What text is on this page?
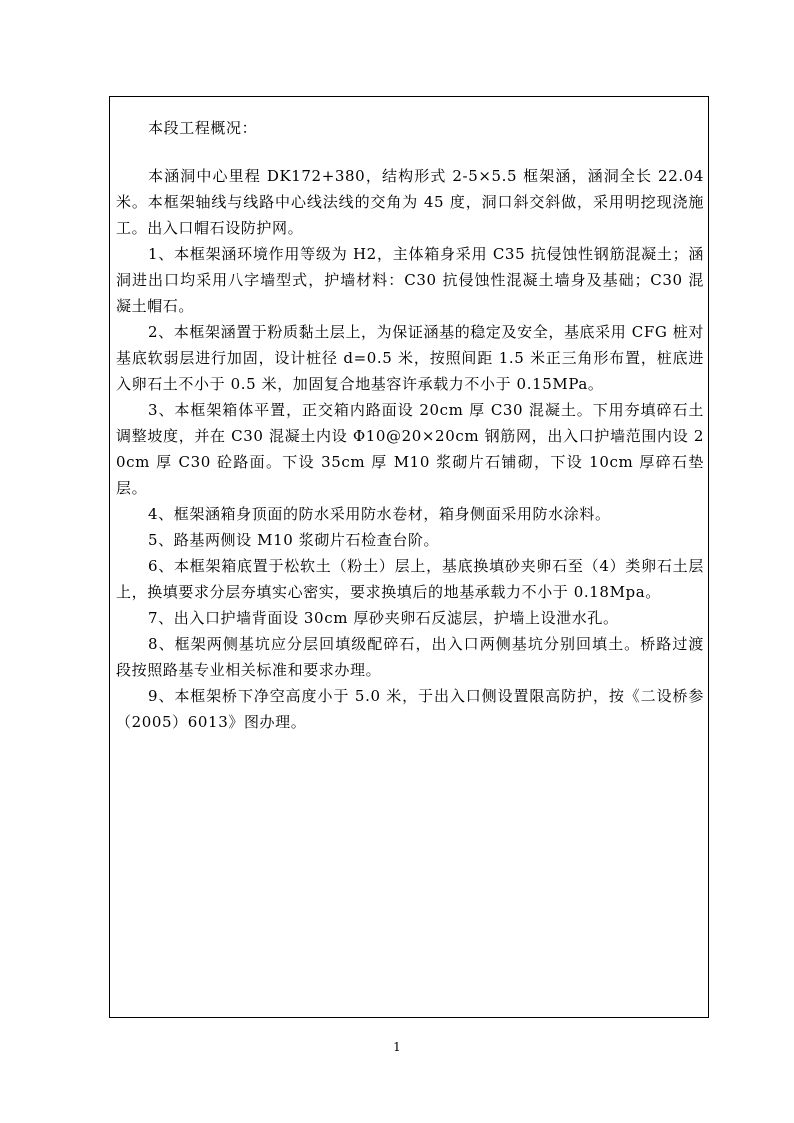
本段工程概况：

本涵洞中心里程 DK172+380，结构形式 2-5×5.5 框架涵，涵洞全长 22.04 米。本框架轴线与线路中心线法线的交角为 45 度，洞口斜交斜做，采用明挖现浇施工。出入口帽石设防护网。

1、本框架涵环境作用等级为 H2，主体箱身采用 C35 抗侵蚀性钢筋混凝土；涵洞进出口均采用八字墙型式，护墙材料：C30 抗侵蚀性混凝土墙身及基础；C30 混凝土帽石。

2、本框架涵置于粉质黏土层上，为保证涵基的稳定及安全，基底采用 CFG 桩对基底软弱层进行加固，设计桩径 d=0.5 米，按照间距 1.5 米正三角形布置，桩底进入卵石土不小于 0.5 米，加固复合地基容许承载力不小于 0.15MPa。

3、本框架箱体平置，正交箱内路面设 20cm 厚 C30 混凝土。下用夯填碎石土调整坡度，并在 C30 混凝土内设 Φ10@20×20cm 钢筋网，出入口护墙范围内设 20cm 厚 C30 砼路面。下设 35cm 厚 M10 浆砌片石铺砌，下设 10cm 厚碎石垫层。

4、框架涵箱身顶面的防水采用防水卷材，箱身侧面采用防水涂料。

5、路基两侧设 M10 浆砌片石检查台阶。

6、本框架箱底置于松软土（粉土）层上，基底换填砂夹卵石至（4）类卵石土层上，换填要求分层夯填实心密实，要求换填后的地基承载力不小于 0.18Mpa。

7、出入口护墙背面设 30cm 厚砂夹卵石反滤层，护墙上设泄水孔。

8、框架两侧基坑应分层回填级配碎石，出入口两侧基坑分别回填土。桥路过渡段按照路基专业相关标准和要求办理。

9、本框架桥下净空高度小于 5.0 米，于出入口侧设置限高防护，按《二设桥参（2005）6013》图办理。

1
